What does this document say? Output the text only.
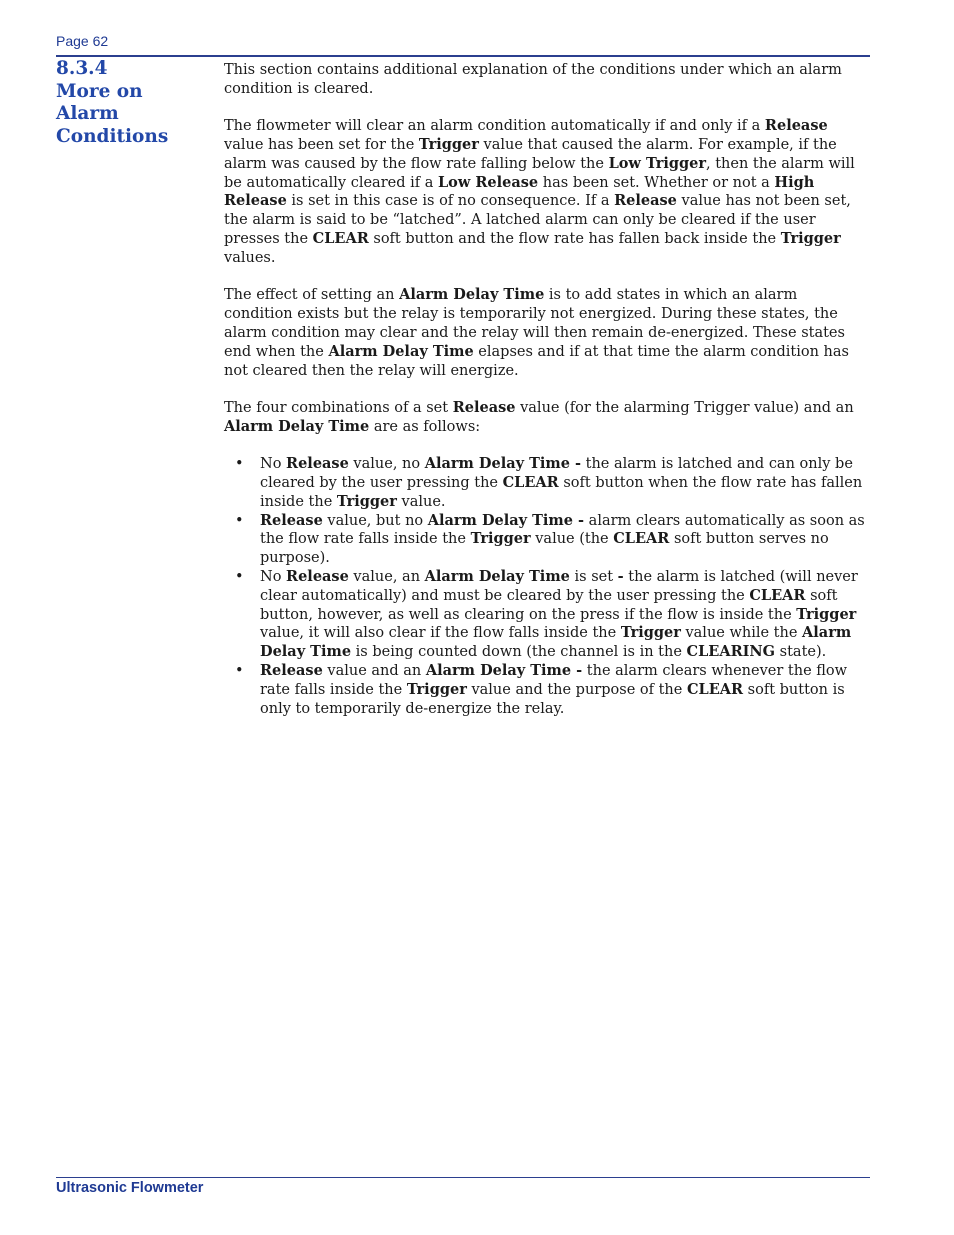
Page 62
8.3.4
More on
Alarm
Conditions

This section contains additional explanation of the conditions under which an alarm condition is cleared.

The flowmeter will clear an alarm condition automatically if and only if a Release value has been set for the Trigger value that caused the alarm. For example, if the alarm was caused by the flow rate falling below the Low Trigger, then the alarm will be automatically cleared if a Low Release has been set. Whether or not a High Release is set in this case is of no consequence. If a Release value has not been set, the alarm is said to be “latched”. A latched alarm can only be cleared if the user presses the CLEAR soft button and the flow rate has fallen back inside the Trigger values.

The effect of setting an Alarm Delay Time is to add states in which an alarm condition exists but the relay is temporarily not energized. During these states, the alarm condition may clear and the relay will then remain de-energized. These states end when the Alarm Delay Time elapses and if at that time the alarm condition has not cleared then the relay will energize.

The four combinations of a set Release value (for the alarming Trigger value) and an Alarm Delay Time are as follows:

• No Release value, no Alarm Delay Time - the alarm is latched and can only be cleared by the user pressing the CLEAR soft button when the flow rate has fallen inside the Trigger value.
• Release value, but no Alarm Delay Time - alarm clears automatically as soon as the flow rate falls inside the Trigger value (the CLEAR soft button serves no purpose).
• No Release value, an Alarm Delay Time is set - the alarm is latched (will never clear automatically) and must be cleared by the user pressing the CLEAR soft button, however, as well as clearing on the press if the flow is inside the Trigger value, it will also clear if the flow falls inside the Trigger value while the Alarm Delay Time is being counted down (the channel is in the CLEARING state).
• Release value and an Alarm Delay Time - the alarm clears whenever the flow rate falls inside the Trigger value and the purpose of the CLEAR soft button is only to temporarily de-energize the relay.
Ultrasonic Flowmeter
